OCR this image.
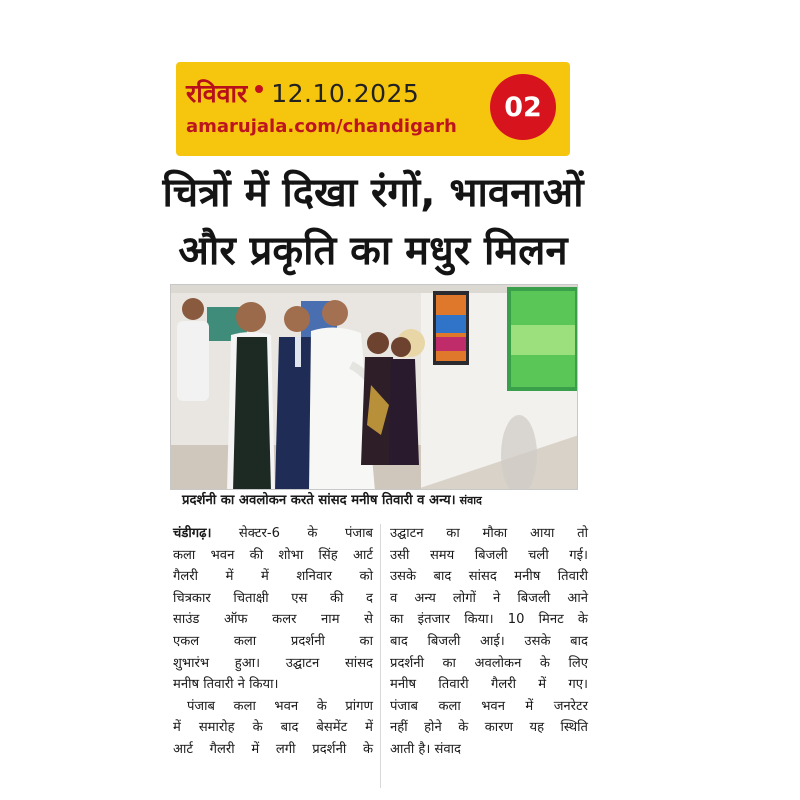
रविवार 12.10.2025
amarujala.com/chandigarh
02
चित्रों में दिखा रंगों, भावनाओं
और प्रकृति का मधुर मिलन
प्रदर्शनी का अवलोकन करते सांसद मनीष तिवारी व अन्य। संवाद
चंडीगढ़। सेक्टर-6 के पंजाब
कला भवन की शोभा सिंह आर्ट
गैलरी में में शनिवार को
चित्रकार चिताक्षी एस की द
साउंड ऑफ कलर नाम से
एकल कला प्रदर्शनी का
शुभारंभ हुआ। उद्घाटन सांसद
मनीष तिवारी ने किया।
पंजाब कला भवन के प्रांगण
में समारोह के बाद बेसमेंट में
आर्ट गैलरी में लगी प्रदर्शनी के
उद्घाटन का मौका आया तो
उसी समय बिजली चली गई।
उसके बाद सांसद मनीष तिवारी
व अन्य लोगों ने बिजली आने
का इंतजार किया। 10 मिनट के
बाद बिजली आई। उसके बाद
प्रदर्शनी का अवलोकन के लिए
मनीष तिवारी गैलरी में गए।
पंजाब कला भवन में जनरेटर
नहीं होने के कारण यह स्थिति
आती है। संवाद
